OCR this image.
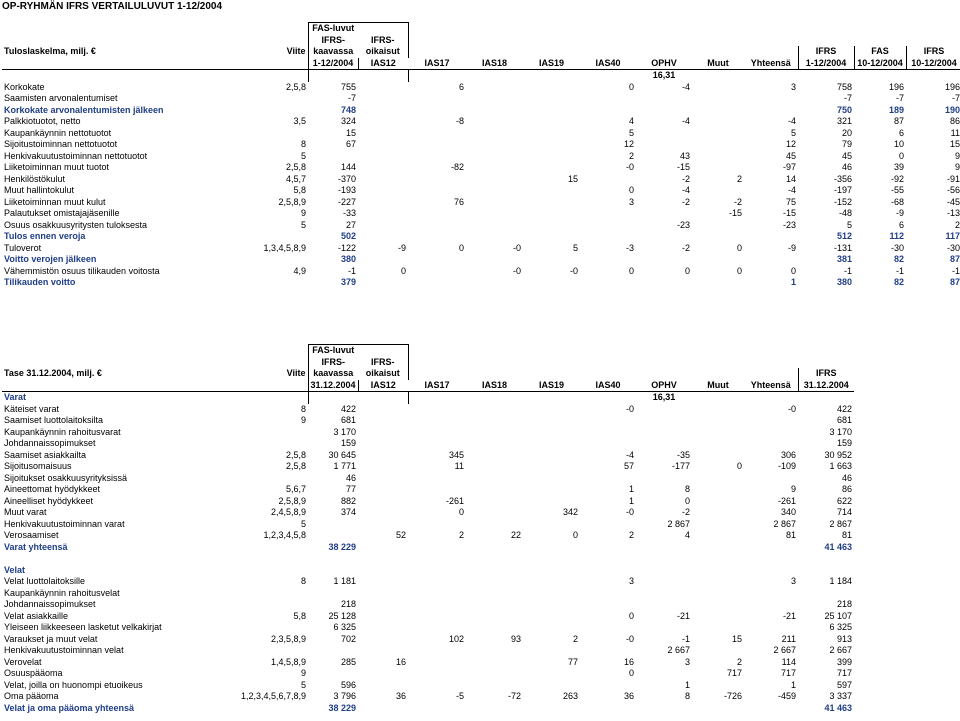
OP-RYHMÄN IFRS VERTAILULUVUT 1-12/2004
		FAS-luvut											
		IFRS-	IFRS-										
Tuloslaskelma, milj. €	Viite	kaavassa	oikaisut								IFRS	FAS	IFRS
		1-12/2004	IAS12	IAS17	IAS18	IAS19	IAS40	OPHV	Muut	Yhteensä	1-12/2004	10-12/2004	10-12/2004
								16,31					
Korkokate	2,5,8	755		6			0	-4		3	758	196	196
Saamisten arvonalentumiset		-7									-7	-7	-7
Korkokate arvonalentumisten jälkeen		748									750	189	190
Palkkiotuotot, netto	3,5	324		-8			4	-4		-4	321	87	86
Kaupankäynnin nettotuotot		15					5			5	20	6	11
Sijoitustoiminnan nettotuotot	8	67					12			12	79	10	15
Henkivakuutustoiminnan nettotuotot	5						2	43		45	45	0	9
Liiketoiminnan muut tuotot	2,5,8	144		-82			-0	-15		-97	46	39	9
Henkilöstökulut	4,5,7	-370				15		-2	2	14	-356	-92	-91
Muut hallintokulut	5,8	-193					0	-4		-4	-197	-55	-56
Liiketoiminnan muut kulut	2,5,8,9	-227		76			3	-2	-2	75	-152	-68	-45
Palautukset omistajajäsenille	9	-33							-15	-15	-48	-9	-13
Osuus osakkuusyritysten tuloksesta	5	27						-23		-23	5	6	2
Tulos ennen veroja		502									512	112	117
Tuloverot	1,3,4,5,8,9	-122	-9	0	-0	5	-3	-2	0	-9	-131	-30	-30
Voitto verojen jälkeen		380									381	82	87
Vähemmistön osuus tilikauden voitosta	4,9	-1	0		-0	-0	0	0	0	0	-1	-1	-1
Tilikauden voitto		379								1	380	82	87
		FAS-luvut									
		IFRS-	IFRS-								
Tase 31.12.2004, milj. €	Viite	kaavassa	oikaisut								IFRS
		31.12.2004	IAS12	IAS17	IAS18	IAS19	IAS40	OPHV	Muut	Yhteensä	31.12.2004
Varat								16,31			
Käteiset varat	8	422					-0			-0	422
Saamiset luottolaitoksilta	9	681									681
Kaupankäynnin rahoitusvarat		3 170									3 170
Johdannaissopimukset		159									159
Saamiset asiakkailta	2,5,8	30 645		345			-4	-35		306	30 952
Sijoitusomaisuus	2,5,8	1 771		11			57	-177	0	-109	1 663
Sijoitukset osakkuusyrityksissä		46									46
Aineettomat hyödykkeet	5,6,7	77					1	8		9	86
Aineelliset hyödykkeet	2,5,8,9	882		-261			1	0		-261	622
Muut varat	2,4,5,8,9	374		0		342	-0	-2		340	714
Henkivakuutustoiminnan varat	5							2 867		2 867	2 867
Verosaamiset	1,2,3,4,5,8		52	2	22	0	2	4		81	81
Varat yhteensä		38 229									41 463

Velat											
Velat luottolaitoksille	8	1 181					3			3	1 184
Kaupankäynnin rahoitusvelat											
Johdannaissopimukset		218									218
Velat asiakkaille	5,8	25 128					0	-21		-21	25 107
Yleiseen liikkeeseen lasketut velkakirjat		6 325									6 325
Varaukset ja muut velat	2,3,5,8,9	702		102	93	2	-0	-1	15	211	913
Henkivakuutustoiminnan velat								2 667		2 667	2 667
Verovelat	1,4,5,8,9	285	16			77	16	3	2	114	399
Osuuspääoma	9						0		717	717	717
Velat, joilla on huonompi etuoikeus	5	596						1		1	597
Oma pääoma	1,2,3,4,5,6,7,8,9	3 796	36	-5	-72	263	36	8	-726	-459	3 337
Velat ja oma pääoma yhteensä		38 229									41 463
